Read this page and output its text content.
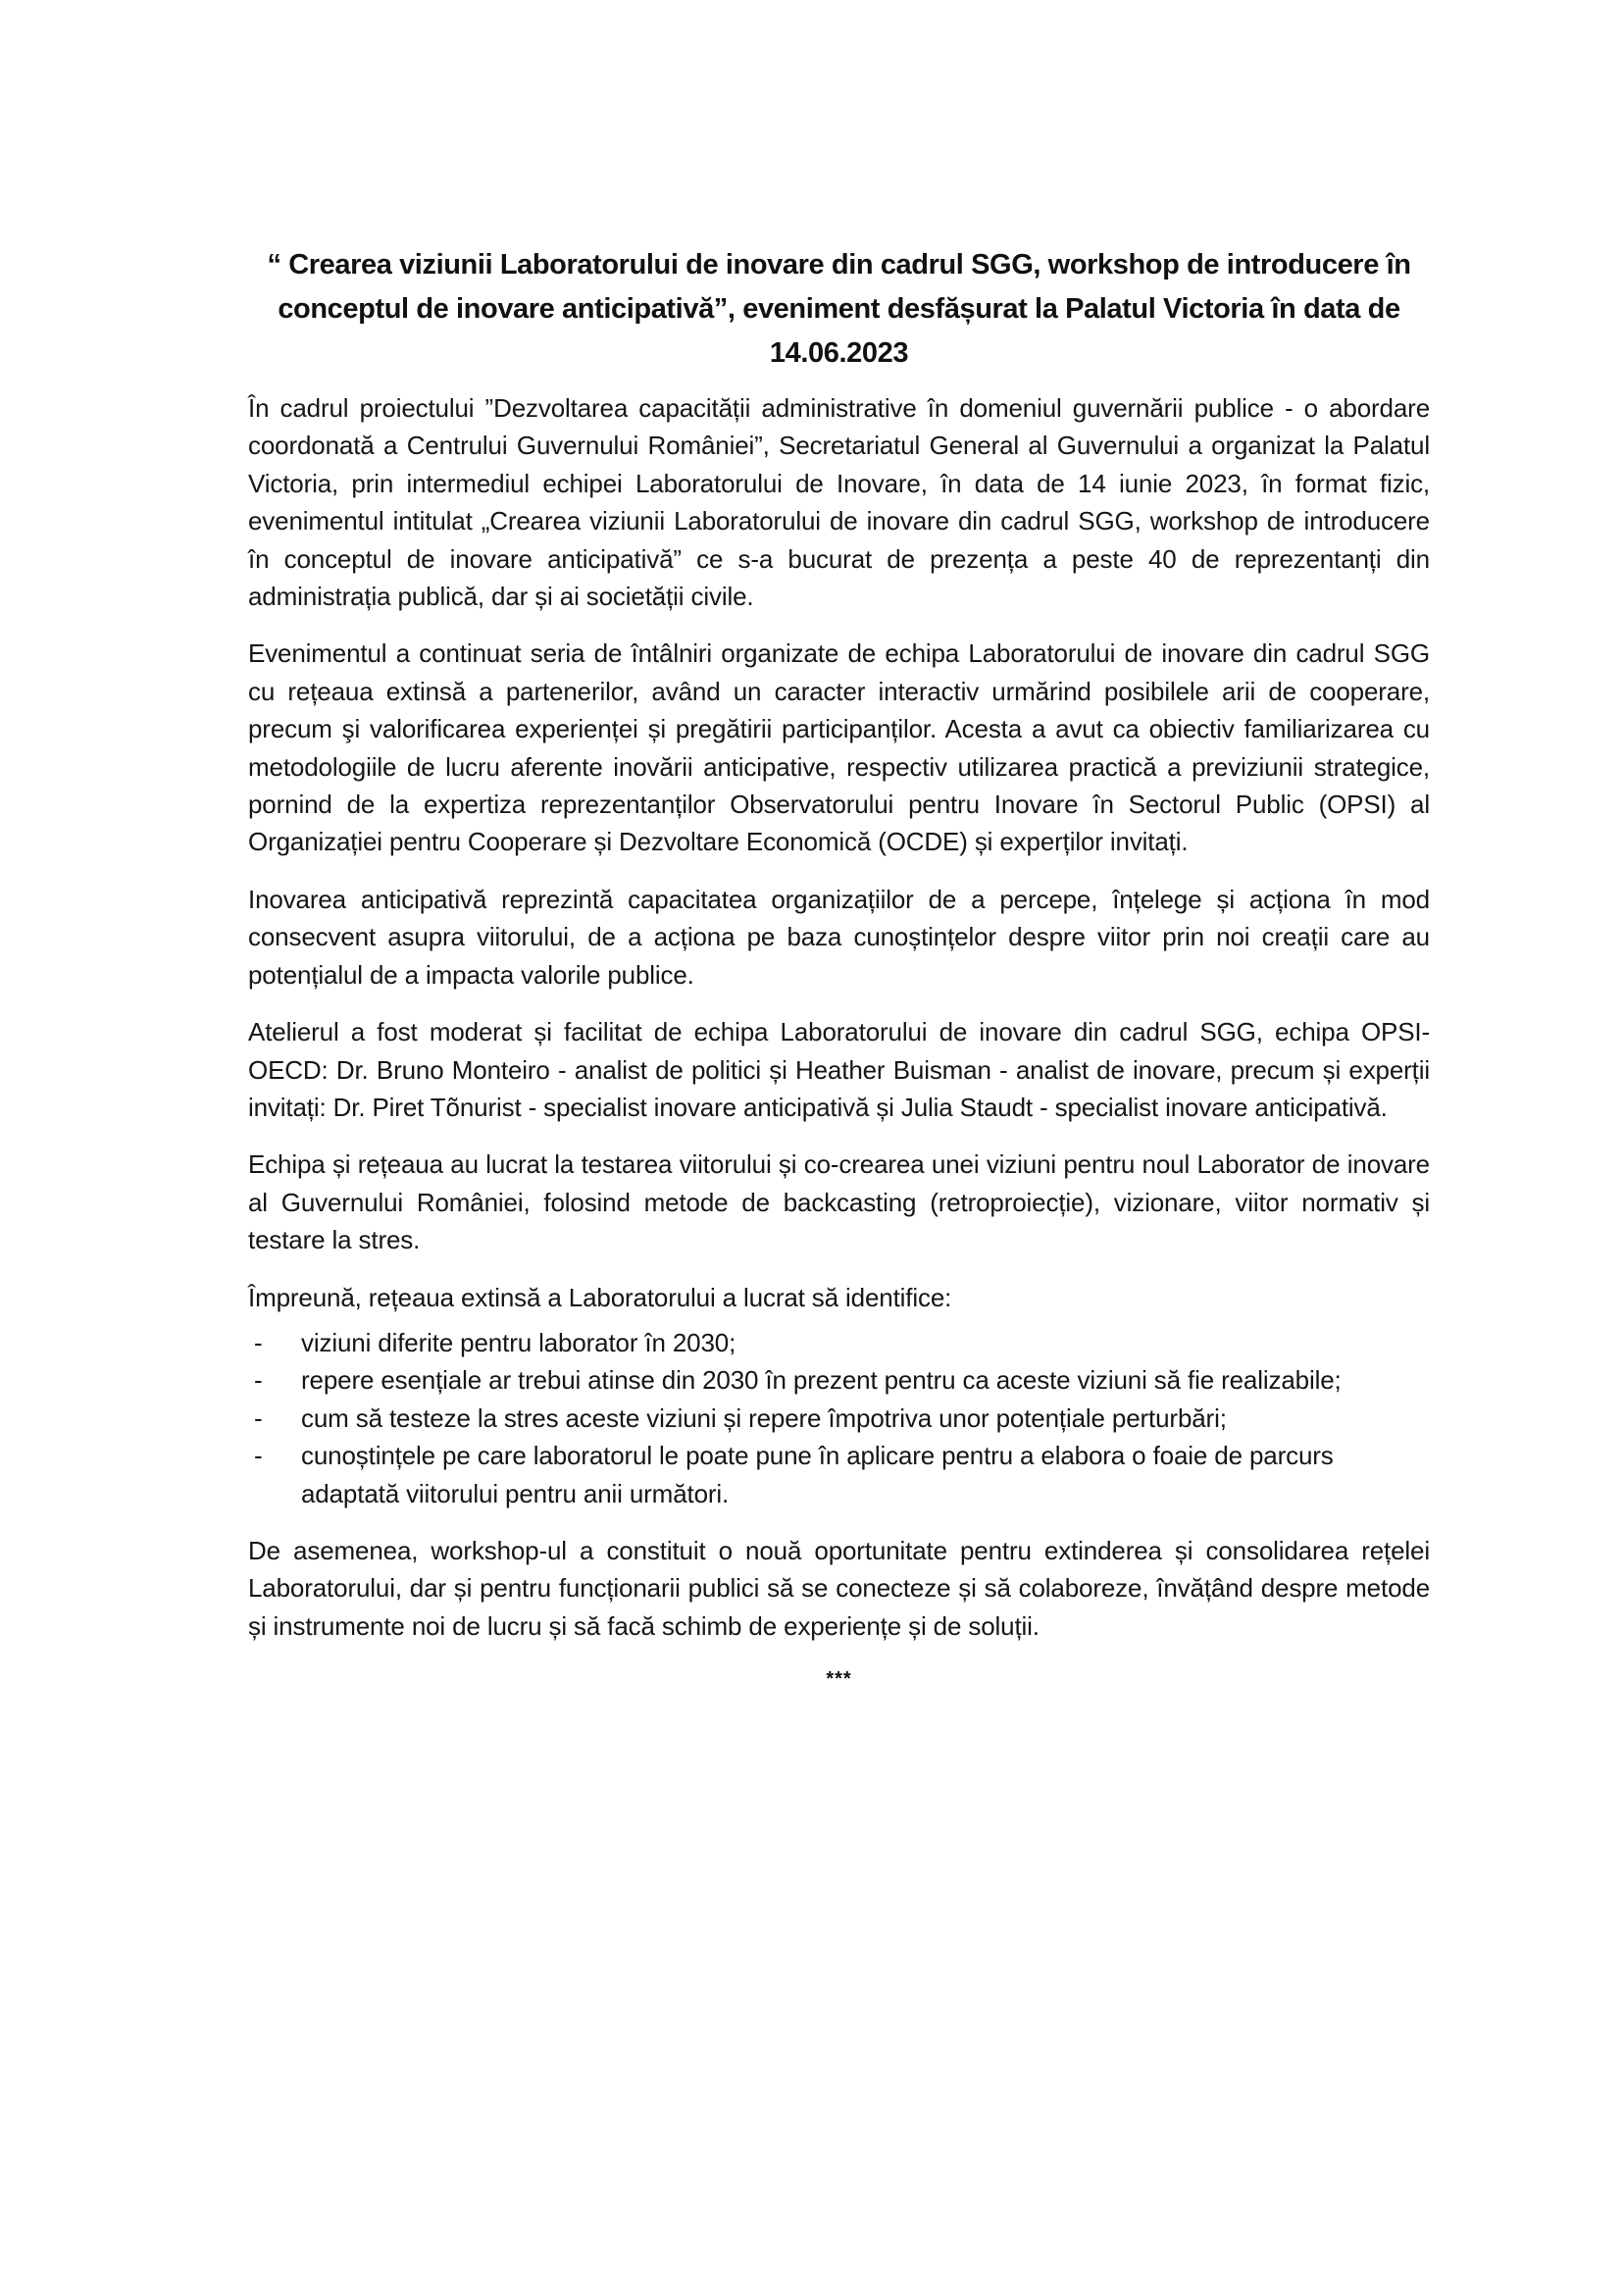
“ Crearea viziunii Laboratorului de inovare din cadrul SGG, workshop de introducere în conceptul de inovare anticipativă”, eveniment desfășurat la Palatul Victoria în data de 14.06.2023

În cadrul proiectului ”Dezvoltarea capacității administrative în domeniul guvernării publice - o abordare coordonată a Centrului Guvernului României”, Secretariatul General al Guvernului a organizat la Palatul Victoria, prin intermediul echipei Laboratorului de Inovare, în data de 14 iunie 2023, în format fizic, evenimentul intitulat „Crearea viziunii Laboratorului de inovare din cadrul SGG, workshop de introducere în conceptul de inovare anticipativă” ce s-a bucurat de prezența a peste 40 de reprezentanți din administrația publică, dar și ai societății civile.

Evenimentul a continuat seria de întâlniri organizate de echipa Laboratorului de inovare din cadrul SGG cu rețeaua extinsă a partenerilor, având un caracter interactiv urmărind posibilele arii de cooperare, precum şi valorificarea experienței și pregătirii participanților. Acesta a avut ca obiectiv familiarizarea cu metodologiile de lucru aferente inovării anticipative, respectiv utilizarea practică a previziunii strategice, pornind de la expertiza reprezentanților Observatorului pentru Inovare în Sectorul Public (OPSI) al Organizației pentru Cooperare și Dezvoltare Economică (OCDE) și experților invitați.

Inovarea anticipativă reprezintă capacitatea organizațiilor de a percepe, înțelege și acționa în mod consecvent asupra viitorului, de a acționa pe baza cunoștințelor despre viitor prin noi creații care au potențialul de a impacta valorile publice.

Atelierul a fost moderat și facilitat de echipa Laboratorului de inovare din cadrul SGG, echipa OPSI-OECD: Dr. Bruno Monteiro - analist de politici și Heather Buisman - analist de inovare, precum și experții invitați: Dr. Piret Tõnurist - specialist inovare anticipativă și Julia Staudt - specialist inovare anticipativă.

Echipa și rețeaua au lucrat la testarea viitorului și co-crearea unei viziuni pentru noul Laborator de inovare al Guvernului României, folosind metode de backcasting (retroproiecție), vizionare, viitor normativ și testare la stres.

Împreună, rețeaua extinsă a Laboratorului a lucrat să identifice:

- viziuni diferite pentru laborator în 2030;
- repere esențiale ar trebui atinse din 2030 în prezent pentru ca aceste viziuni să fie realizabile;
- cum să testeze la stres aceste viziuni și repere împotriva unor potențiale perturbări;
- cunoștințele pe care laboratorul le poate pune în aplicare pentru a elabora o foaie de parcurs adaptată viitorului pentru anii următori.

De asemenea, workshop-ul a constituit o nouă oportunitate pentru extinderea și consolidarea rețelei Laboratorului, dar și pentru funcționarii publici să se conecteze și să colaboreze, învățând despre metode și instrumente noi de lucru și să facă schimb de experiențe și de soluții.

***
